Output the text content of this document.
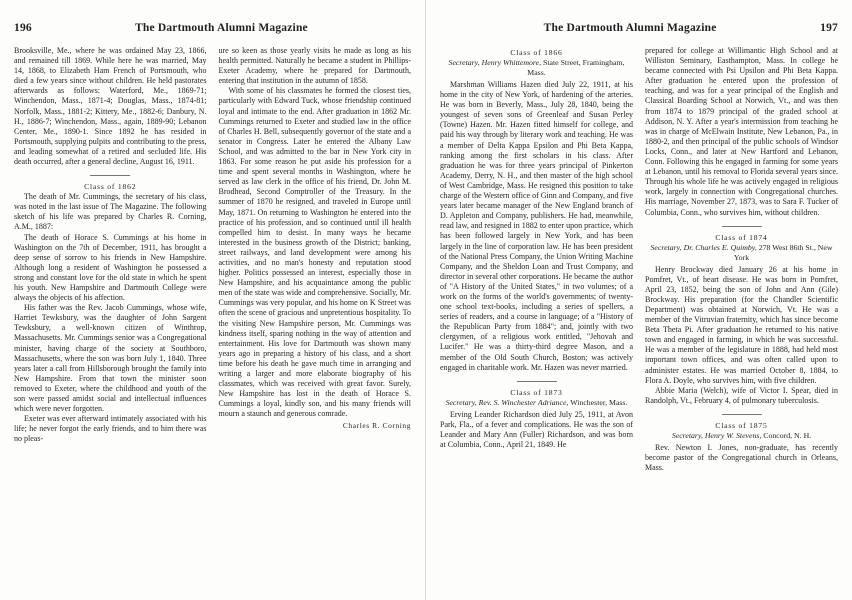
196	The Dartmouth Alumni Magazine

Brooksville, Me., where he was ordained May 23, 1866, and remained till 1869. While here he was married, May 14, 1868, to Elizabeth Ham French of Portsmouth, who died a few years since without children. He held pastorates afterwards as follows: Waterford, Me., 1869-71; Winchendon, Mass., 1871-4; Douglas, Mass., 1874-81; Norfolk, Mass., 1881-2; Kittery, Me., 1882-6; Danbury, N. H., 1886-7; Winchendon, Mass., again, 1889-90; Lebanon Center, Me., 1890-1. Since 1892 he has resided in Portsmouth, supplying pulpits and contributing to the press, and leading somewhat of a retired and secluded life. His death occurred, after a general decline, August 16, 1911.

Class of 1862

The death of Mr. Cummings, the secretary of his class, was noted in the last issue of The Magazine. The following sketch of his life was prepared by Charles R. Corning, A.M., 1887:

The death of Horace S. Cummings at his home in Washington on the 7th of December, 1911, has brought a deep sense of sorrow to his friends in New Hampshire. Although long a resident of Washington he possessed a strong and constant love for the old state in which he spent his youth. New Hampshire and Dartmouth College were always the objects of his affection.

His father was the Rev. Jacob Cummings, whose wife, Harriet Tewksbury, was the daughter of John Sargent Tewksbury, a well-known citizen of Winthrop, Massachusetts. Mr. Cummings senior was a Congregational minister, having charge of the society at Southboro, Massachusetts, where the son was born July 1, 1840. Three years later a call from Hillsborough brought the family into New Hampshire. From that town the minister soon removed to Exeter, where the childhood and youth of the son were passed amidst social and intellectual influences which were never forgotten.

Exeter was ever afterward intimately associated with his life; he never forgot the early friends, and to him there was no pleas-

ure so keen as those yearly visits he made as long as his health permitted. Naturally he became a student in Phillips-Exeter Academy, where he prepared for Dartmouth, entering that institution in the autumn of 1858.

With some of his classmates he formed the closest ties, particularly with Edward Tuck, whose friendship continued loyal and intimate to the end. After graduation in 1862 Mr. Cummings returned to Exeter and studied law in the office of Charles H. Bell, subsequently governor of the state and a senator in Congress. Later he entered the Albany Law School, and was admitted to the bar in New York city in 1863. For some reason he put aside his profession for a time and spent several months in Washington, where he served as law clerk in the office of his friend, Dr. John M. Brodhead, Second Comptroller of the Treasury. In the summer of 1870 he resigned, and traveled in Europe until May, 1871. On returning to Washington he entered into the practice of his profession, and so continued until ill health compelled him to desist. In many ways he became interested in the business growth of the District; banking, street railways, and land development were among his activities, and no man's honesty and reputation stood higher. Politics possessed an interest, especially those in New Hampshire, and his acquaintance among the public men of the state was wide and comprehensive. Socially, Mr. Cummings was very popular, and his home on K Street was often the scene of gracious and unpretentious hospitality. To the visiting New Hampshire person, Mr. Cummings was kindness itself, sparing nothing in the way of attention and entertainment. His love for Dartmouth was shown many years ago in preparing a history of his class, and a short time before his death he gave much time in arranging and writing a larger and more elaborate biography of his classmates, which was received with great favor. Surely, New Hampshire has lost in the death of Horace S. Cummings a loyal, kindly son, and his many friends will mourn a staunch and generous comrade.

Charles R. Corning
The Dartmouth Alumni Magazine	197
Class of 1866
Secretary, Henry Whittemore, State Street, Framingham, Mass.

Marshman Williams Hazen died July 22, 1911, at his home in the city of New York, of hardening of the arteries. He was born in Beverly, Mass., July 28, 1840, being the youngest of seven sons of Greenleaf and Susan Perley (Towne) Hazen. Mr. Hazen fitted himself for college, and paid his way through by literary work and teaching. He was a member of Delta Kappa Epsilon and Phi Beta Kappa, ranking among the first scholars in his class. After graduation he was for three years principal of Pinkerton Academy, Derry, N. H., and then master of the high school of West Cambridge, Mass. He resigned this position to take charge of the Western office of Ginn and Company, and five years later became manager of the New England branch of D. Appleton and Company, publishers. He had, meanwhile, read law, and resigned in 1882 to enter upon practice, which has been followed largely in New York, and has been largely in the line of corporation law. He has been president of the National Press Company, the Union Writing Machine Company, and the Sheldon Loan and Trust Company, and director in several other corporations. He became the author of "A History of the United States," in two volumes; of a work on the forms of the world's governments; of twenty-one school text-books, including a series of spellers, a series of readers, and a course in language; of a "History of the Republican Party from 1884"; and, jointly with two clergymen, of a religious work entitled, "Jehovah and Lucifer." He was a thirty-third degree Mason, and a member of the Old South Church, Boston; was actively engaged in charitable work. Mr. Hazen was never married.

Class of 1873
Secretary, Rev. S. Winchester Adriance, Winchester, Mass.

Erving Leander Richardson died July 25, 1911, at Avon Park, Fla., of a fever and complications. He was the son of Leander and Mary Ann (Fuller) Richardson, and was born at Columbia, Conn., April 21, 1849. He

prepared for college at Willimantic High School and at Williston Seminary, Easthampton, Mass. In college he became connected with Psi Upsilon and Phi Beta Kappa. After graduation he entered upon the profession of teaching, and was for a year principal of the English and Classical Boarding School at Norwich, Vt., and was then from 1874 to 1879 principal of the graded school at Addison, N. Y. After a year's intermission from teaching he was in charge of McElwain Institute, New Lebanon, Pa., in 1880-2, and then principal of the public schools of Windsor Locks, Conn., and later at New Hartford and Lebanon, Conn. Following this he engaged in farming for some years at Lebanon, until his removal to Florida several years since. Through his whole life he was actively engaged in religious work, largely in connection with Congregational churches. His marriage, November 27, 1873, was to Sara F. Tucker of Columbia, Conn., who survives him, without children.

Class of 1874
Secretary, Dr. Charles E. Quimby, 278 West 86th St., New York

Henry Brockway died January 26 at his home in Pomfret, Vt., of heart disease. He was born in Pomfret, April 23, 1852, being the son of John and Ann (Gile) Brockway. His preparation (for the Chandler Scientific Department) was obtained at Norwich, Vt. He was a member of the Vitruvian fraternity, which has since become Beta Theta Pi. After graduation he returned to his native town and engaged in farming, in which he was successful. He was a member of the legislature in 1888, had held most important town offices, and was often called upon to administer estates. He was married October 8, 1884, to Flora A. Doyle, who survives him, with five children.

Abbie Maria (Welch), wife of Victor I. Spear, died in Randolph, Vt., February 4, of pulmonary tuberculosis.

Class of 1875
Secretary, Henry W. Stevens, Concord, N. H.

Rev. Newton I. Jones, non-graduate, has recently become pastor of the Congregational church in Orleans, Mass.
